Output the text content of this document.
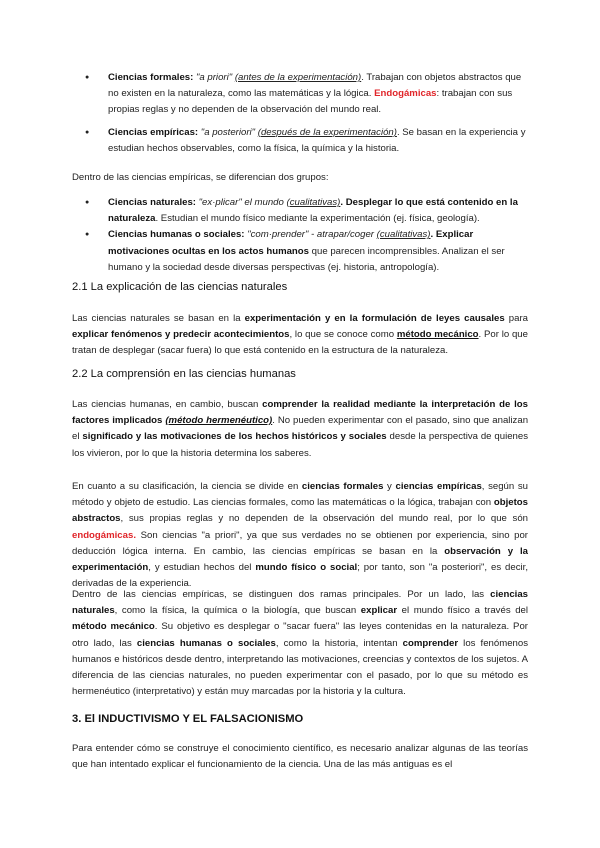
● Ciencias formales: "a priori" (antes de la experimentación). Trabajan con objetos abstractos que no existen en la naturaleza, como las matemáticas y la lógica. Endogámicas: trabajan con sus propias reglas y no dependen de la observación del mundo real.
● Ciencias empíricas: "a posteriori" (después de la experimentación). Se basan en la experiencia y estudian hechos observables, como la física, la química y la historia.

Dentro de las ciencias empíricas, se diferencian dos grupos:

● Ciencias naturales: "ex·plicar" el mundo (cualitativas). Desplegar lo que está contenido en la naturaleza. Estudian el mundo físico mediante la experimentación (ej. física, geología).
● Ciencias humanas o sociales: "com·prender" - atrapar/coger (cualitativas). Explicar motivaciones ocultas en los actos humanos que parecen incomprensibles. Analizan el ser humano y la sociedad desde diversas perspectivas (ej. historia, antropología).
2.1 La explicación de las ciencias naturales

Las ciencias naturales se basan en la experimentación y en la formulación de leyes causales para explicar fenómenos y predecir acontecimientos, lo que se conoce como método mecánico. Por lo que tratan de desplegar (sacar fuera) lo que está contenido en la estructura de la naturaleza.

2.2 La comprensión en las ciencias humanas

Las ciencias humanas, en cambio, buscan comprender la realidad mediante la interpretación de los factores implicados (método hermenéutico). No pueden experimentar con el pasado, sino que analizan el significado y las motivaciones de los hechos históricos y sociales desde la perspectiva de quienes los vivieron, por lo que la historia determina los saberes.

En cuanto a su clasificación, la ciencia se divide en ciencias formales y ciencias empíricas, según su método y objeto de estudio. Las ciencias formales, como las matemáticas o la lógica, trabajan con objetos abstractos, sus propias reglas y no dependen de la observación del mundo real, por lo que són endogámicas. Son ciencias "a priori", ya que sus verdades no se obtienen por experiencia, sino por deducción lógica interna. En cambio, las ciencias empíricas se basan en la observación y la experimentación, y estudian hechos del mundo físico o social; por tanto, son "a posteriori", es decir, derivadas de la experiencia.

Dentro de las ciencias empíricas, se distinguen dos ramas principales. Por un lado, las ciencias naturales, como la física, la química o la biología, que buscan explicar el mundo físico a través del método mecánico. Su objetivo es desplegar o "sacar fuera" las leyes contenidas en la naturaleza. Por otro lado, las ciencias humanas o sociales, como la historia, intentan comprender los fenómenos humanos e históricos desde dentro, interpretando las motivaciones, creencias y contextos de los sujetos. A diferencia de las ciencias naturales, no pueden experimentar con el pasado, por lo que su método es hermenéutico (interpretativo) y están muy marcadas por la historia y la cultura.

3. El INDUCTIVISMO Y EL FALSACIONISMO

Para entender cómo se construye el conocimiento científico, es necesario analizar algunas de las teorías que han intentado explicar el funcionamiento de la ciencia. Una de las más antiguas es el
